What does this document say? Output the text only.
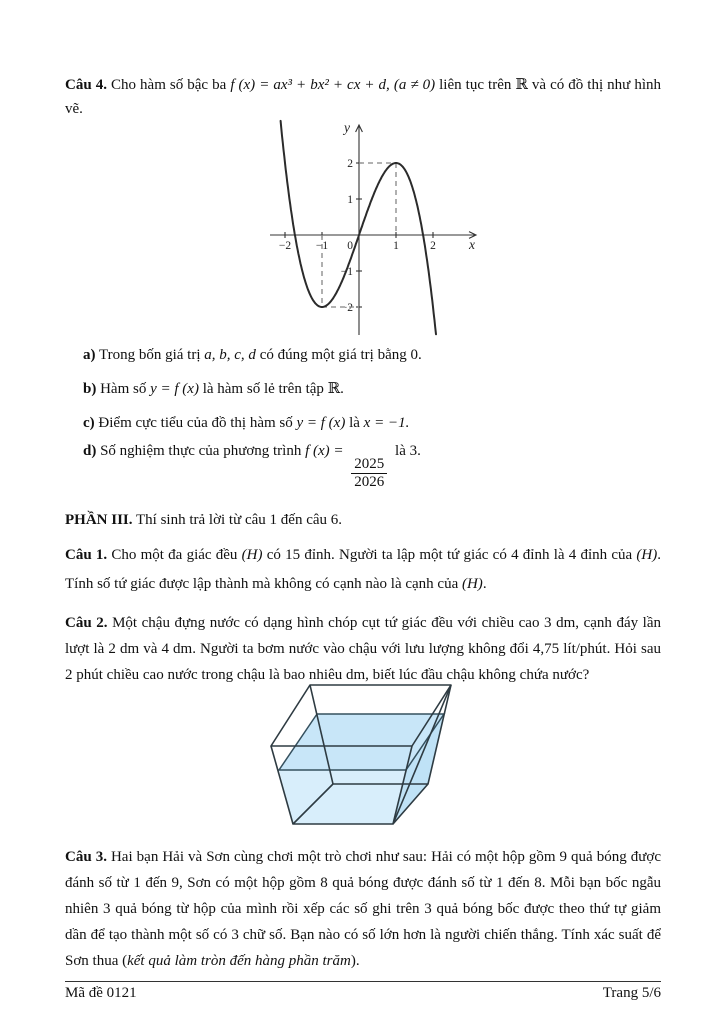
Câu 4. Cho hàm số bậc ba f (x) = ax³ + bx² + cx + d, (a ≠ 0) liên tục trên ℝ và có đồ thị như hình vẽ.

−2 −1	1	2
−2
−1
1
2
0
y
x

a) Trong bốn giá trị a, b, c, d có đúng một giá trị bằng 0.

b) Hàm số y = f (x) là hàm số lẻ trên tập ℝ.

c) Điểm cực tiểu của đồ thị hàm số y = f (x) là x = −1.

d) Số nghiệm thực của phương trình f (x) =
$\frac{2025}{2026}$
là 3.

PHẦN III. Thí sinh trả lời từ câu 1 đến câu 6.

Câu 1. Cho một đa giác đều (H) có 15 đỉnh. Người ta lập một tứ giác có 4 đỉnh là 4 đỉnh của (H). Tính số tứ giác được lập thành mà không có cạnh nào là cạnh của (H).

Câu 2. Một chậu đựng nước có dạng hình chóp cụt tứ giác đều với chiều cao 3 dm, cạnh đáy lần lượt là 2 dm và 4 dm. Người ta bơm nước vào chậu với lưu lượng không đổi 4,75 lít/phút. Hỏi sau 2 phút chiều cao nước trong chậu là bao nhiêu dm, biết lúc đầu chậu không chứa nước?

Câu 3. Hai bạn Hải và Sơn cùng chơi một trò chơi như sau: Hải có một hộp gồm 9 quả bóng được đánh số từ 1 đến 9, Sơn có một hộp gồm 8 quả bóng được đánh số từ 1 đến 8. Mỗi bạn bốc ngẫu nhiên 3 quả bóng từ hộp của mình rồi xếp các số ghi trên 3 quả bóng bốc được theo thứ tự giảm dần để tạo thành một số có 3 chữ số. Bạn nào có số lớn hơn là người chiến thắng. Tính xác suất để Sơn thua (kết quả làm tròn đến hàng phần trăm).

Mã đề 0121	Trang 5/6
